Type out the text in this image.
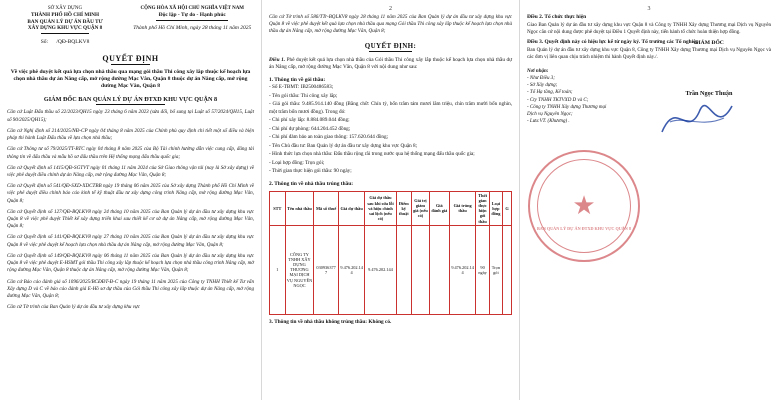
SỞ XÂY DỰNG
THÀNH PHỐ HỒ CHÍ MINH
BAN QUẢN LÝ DỰ ÁN ĐẦU TƯ
XÂY DỰNG KHU VỰC QUẬN 8
Số: /QĐ-BQLKV8
CỘNG HÒA XÃ HỘI CHỦ NGHĨA VIỆT NAM
Độc lập - Tự do - Hạnh phúc
Thành phố Hồ Chí Minh, ngày 28 tháng 11 năm 2025
QUYẾT ĐỊNH
Về việc phê duyệt kết quả lựa chọn nhà thầu qua mạng gói thầu Thi công xây lắp thuộc kế hoạch lựa chọn nhà thầu dự án Nâng cấp, mở rộng đường Mạc Vân, Quận 8 thuộc dự án Nâng cấp, mở rộng đường Mạc Vân, Quận 8
GIÁM ĐỐC BAN QUẢN LÝ DỰ ÁN ĐTXD KHU VỰC QUẬN 8
Căn cứ Luật Đấu thầu số 22/2023/QH15 ngày 23 tháng 6 năm 2023 (sửa đổi, bổ sung tại Luật số 57/2024/QH15, Luật số 90/2025/QH15);
Căn cứ Nghị định số 214/2025/NĐ-CP ngày 04 tháng 8 năm 2025 của Chính phủ quy định chi tiết một số điều và biện pháp thi hành Luật Đấu thầu về lựa chọn nhà thầu;
Căn cứ Thông tư số 79/2025/TT-BTC ngày 04 tháng 8 năm 2025 của Bộ Tài chính hướng dẫn việc cung cấp, đăng tải thông tin về đấu thầu và mẫu hồ sơ đấu thầu trên Hệ thống mạng đấu thầu quốc gia;
Căn cứ Quyết định số 1415/QĐ-SGTVT ngày 01 tháng 11 năm 2024 của Sở Giao thông vận tải (nay là Sở xây dựng) về việc phê duyệt điều chỉnh dự án Nâng cấp, mở rộng đường Mạc Vân, Quận 8;
Căn cứ Quyết định số 541/QĐ-SXD-XDCTBB ngày 19 tháng 06 năm 2025 của Sở xây dựng Thành phố Hồ Chí Minh về việc phê duyệt điều chỉnh báo cáo kinh tế kỹ thuật đầu tư xây dựng công trình Nâng cấp, mở rộng đường Mạc Vân, Quận 8;
Căn cứ Quyết định số 127/QĐ-BQLKV8 ngày 24 tháng 10 năm 2025 của Ban Quản lý dự án đầu tư xây dựng khu vực Quận 8 về việc phê duyệt Thiết kế xây dựng triển khai sau thiết kế cơ sở dự án Nâng cấp, mở rộng đường Mạc Vân, Quận 8;
Căn cứ Quyết định số 141/QĐ-BQLKV8 ngày 27 tháng 10 năm 2025 của Ban Quản lý dự án đầu tư xây dựng khu vực Quận 8 về việc phê duyệt kế hoạch lựa chọn nhà thầu dự án Nâng cấp, mở rộng đường Mạc Vân, Quận 8;
Căn cứ Quyết định số 149/QĐ-BQLKV8 ngày 06 tháng 11 năm 2025 của Ban Quản lý dự án đầu tư xây dựng khu vực Quận 8 về việc phê duyệt E-HSMT gói thầu Thi công xây lắp thuộc kế hoạch lựa chọn nhà thầu công trình Nâng cấp, mở rộng đường Mạc Vân, Quận 8 thuộc dự án Nâng cấp, mở rộng đường Mạc Vân, Quận 8;
Căn cứ Báo cáo đánh giá số 1096/2025/BCĐĐT-Đ-C ngày 19 tháng 11 năm 2025 của Công ty TNHH Thiết kế Tư vấn Xây dựng D và C về báo cáo đánh giá E-Hồ sơ dự thầu của Gói thầu Thi công xây lắp thuộc dự án Nâng cấp, mở rộng đường Mạc Vân, Quận 8;
Căn cứ Tờ trình của Ban Quản lý dự án đầu tư xây dựng khu vực
2
Căn cứ Tờ trình số 586/TTr-BQLKV8 ngày 28 tháng 11 năm 2025 của Ban Quản lý dự án đầu tư xây dựng khu vực Quận 8 về việc phê duyệt kết quả lựa chọn nhà thầu qua mạng Gói thầu Thi công xây lắp thuộc kế hoạch lựa chọn nhà thầu dự án Nâng cấp, mở rộng đường Mạc Vân, Quận 8;
QUYẾT ĐỊNH:
Điều 1. Phê duyệt kết quả lựa chọn nhà thầu của Gói thầu Thi công xây lắp thuộc kế hoạch lựa chọn nhà thầu dự án Nâng cấp, mở rộng đường Mạc Vân, Quận 8 với nội dung như sau:
1. Thông tin về gói thầu:
- Số E-TBMT: IB2500486583;
- Tên gói thầu: Thi công xây lắp;
- Giá gói thầu: 9.485.914.140 đồng (Bằng chữ: Chín tỷ, bốn trăm tám mươi lăm triệu, chín trăm mười bốn nghìn, một trăm bốn mươi đồng). Trong đó:
- Chi phí xây lắp: 8.884.089.044 đồng;
- Chi phí dự phòng: 644.204.452 đồng;
- Chi phí đảm bảo an toàn giao thông: 157.620.644 đồng;
- Tên Chủ đầu tư: Ban Quản lý dự án đầu tư xây dựng khu vực Quận 8;
- Hình thức lựa chọn nhà thầu: Đấu thầu rộng rãi trong nước qua hệ thống mạng đấu thầu quốc gia;
- Loại hợp đồng: Trọn gói;
- Thời gian thực hiện gói thầu: 90 ngày;
2. Thông tin về nhà thầu trúng thầu:
STT	Tên nhà thầu	Mã số thuế	Giá dự thầu	Giá dự thầu sau khi sửa lỗi và hiệu chỉnh sai lệch (nếu có)	Điểm kỹ thuật	Giá trị giảm giá (nếu có)	Giá đánh giá	Giá trúng thầu	Thời gian thực hiện gói thầu	Loại hợp đồng	G
1	CÔNG TY TNHH XÂY DỰNG THƯƠNG MẠI DỊCH VỤ NGUYÊN NGỌC	0309363777	9.476.202.144	9.476.202.144				9.476.202.144	90 ngày	Trọn gói	
3. Thông tin về nhà thầu không trúng thầu: Không có.
3
Điều 2. Tổ chức thực hiện
Giao Ban Quản lý dự án đầu tư xây dựng khu vực Quận 8 và Công ty TNHH Xây dựng Thương mại Dịch vụ Nguyên Ngọc căn cứ nội dung được phê duyệt tại Điều 1 Quyết định này, tiến hành tổ chức hoàn thiện hợp đồng.
Điều 3. Quyết định này có hiệu lực kể từ ngày ký. Tổ trưởng các Tổ nghiệp
Ban Quản lý dự án đầu tư xây dựng khu vực Quận 8, Công ty TNHH Xây dựng Thương mại Dịch vụ Nguyên Ngọc và các đơn vị liên quan chịu trách nhiệm thi hành Quyết định này./.
Nơi nhận:
- Như Điều 3;
- Sở Xây dựng;
- Tổ Hạ tầng, Kế toán;
- Cty TNHH TKTVXD D và C;
- Công ty TNHH Xây dựng Thương mại
Dịch vụ Nguyên Ngọc;
- Lưu:VT. (Khương) .
GIÁM ĐỐC
Trần Ngọc Thuận
★
BAN QUẢN LÝ DỰ ÁN ĐTXD KHU VỰC QUẬN 8
